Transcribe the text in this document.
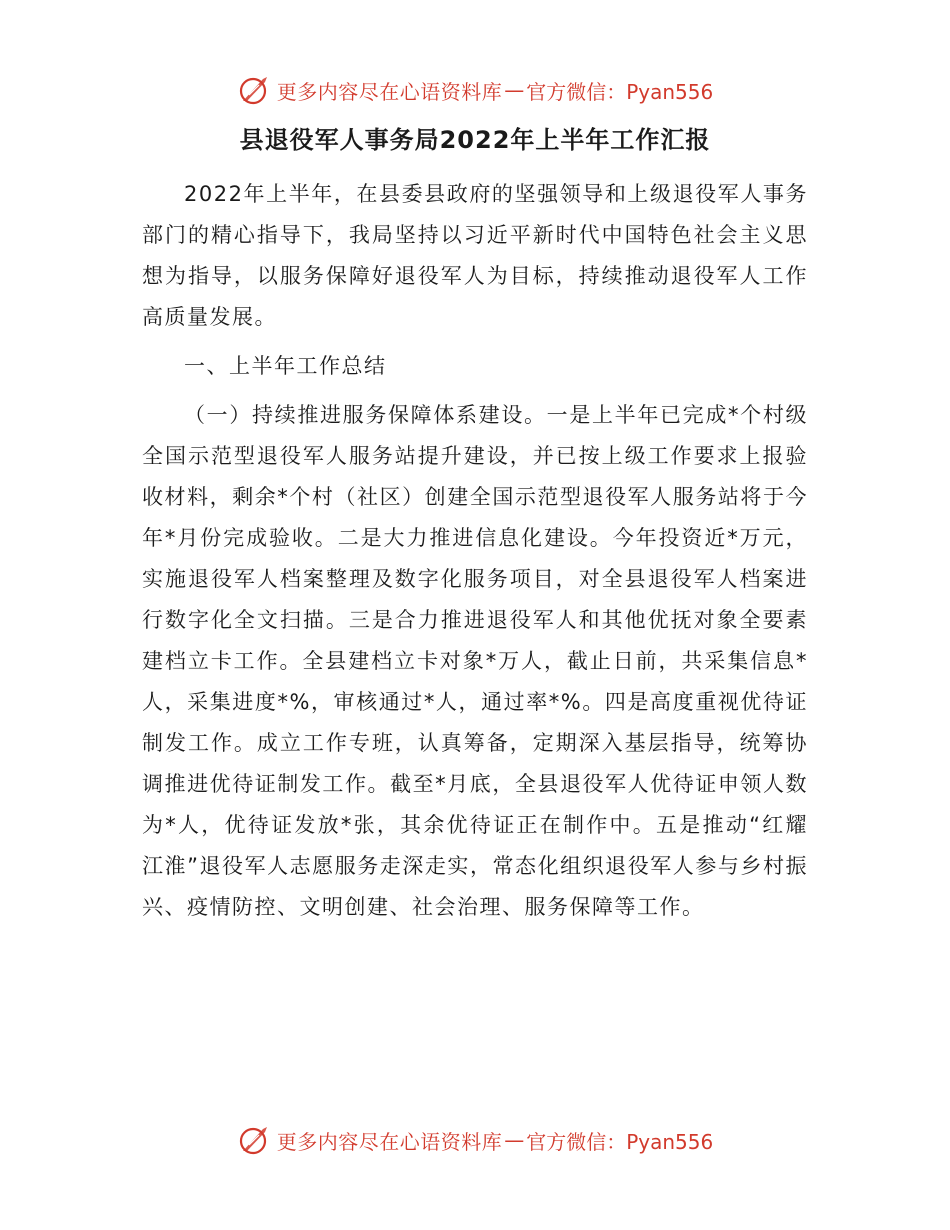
更多内容尽在心语资料库 — 官方微信：Pyan556
县退役军人事务局2022年上半年工作汇报

2022年上半年，在县委县政府的坚强领导和上级退役军人事务部门的精心指导下，我局坚持以习近平新时代中国特色社会主义思想为指导，以服务保障好退役军人为目标，持续推动退役军人工作高质量发展。

一、上半年工作总结

（一）持续推进服务保障体系建设。一是上半年已完成*个村级全国示范型退役军人服务站提升建设，并已按上级工作要求上报验收材料，剩余*个村（社区）创建全国示范型退役军人服务站将于今年*月份完成验收。二是大力推进信息化建设。今年投资近*万元，实施退役军人档案整理及数字化服务项目，对全县退役军人档案进行数字化全文扫描。三是合力推进退役军人和其他优抚对象全要素建档立卡工作。全县建档立卡对象*万人，截止日前，共采集信息*人，采集进度*%，审核通过*人，通过率*%。四是高度重视优待证制发工作。成立工作专班，认真筹备，定期深入基层指导，统筹协调推进优待证制发工作。截至*月底，全县退役军人优待证申领人数为*人，优待证发放*张，其余优待证正在制作中。五是推动“红耀江淮”退役军人志愿服务走深走实，常态化组织退役军人参与乡村振兴、疫情防控、文明创建、社会治理、服务保障等工作。

更多内容尽在心语资料库 — 官方微信：Pyan556
